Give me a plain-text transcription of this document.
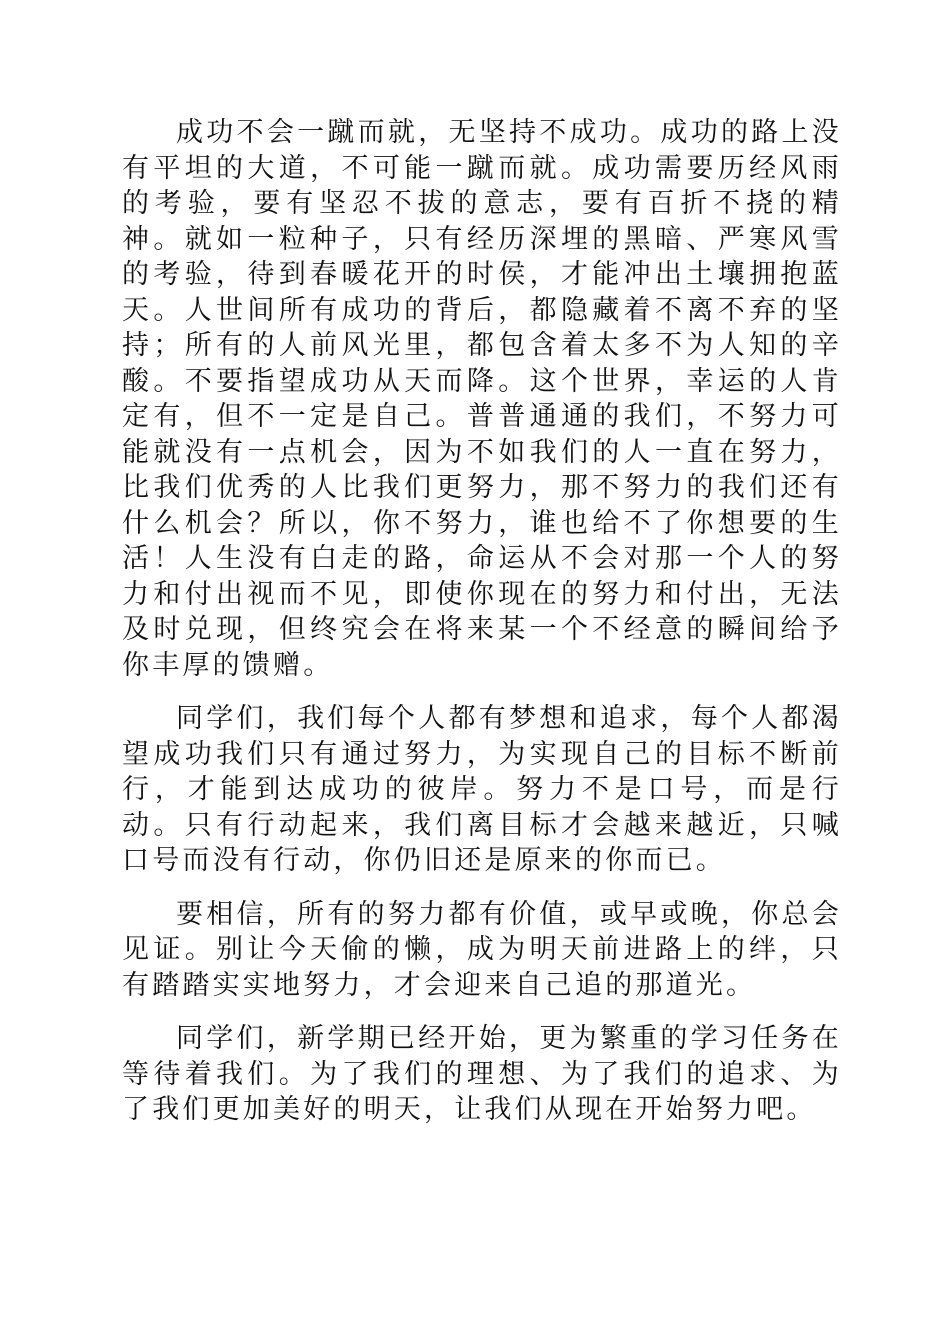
成功不会一蹴而就，无坚持不成功。成功的路上没有平坦的大道，不可能一蹴而就。成功需要历经风雨的考验，要有坚忍不拔的意志，要有百折不挠的精神。就如一粒种子，只有经历深埋的黑暗、严寒风雪的考验，待到春暖花开的时侯，才能冲出土壤拥抱蓝天。人世间所有成功的背后，都隐藏着不离不弃的坚持；所有的人前风光里，都包含着太多不为人知的辛酸。不要指望成功从天而降。这个世界，幸运的人肯定有，但不一定是自己。普普通通的我们，不努力可能就没有一点机会，因为不如我们的人一直在努力，比我们优秀的人比我们更努力，那不努力的我们还有什么机会？所以，你不努力，谁也给不了你想要的生活！人生没有白走的路，命运从不会对那一个人的努力和付出视而不见，即使你现在的努力和付出，无法及时兑现，但终究会在将来某一个不经意的瞬间给予你丰厚的馈赠。

同学们，我们每个人都有梦想和追求，每个人都渴望成功我们只有通过努力，为实现自己的目标不断前行，才能到达成功的彼岸。努力不是口号，而是行动。只有行动起来，我们离目标才会越来越近，只喊口号而没有行动，你仍旧还是原来的你而已。

要相信，所有的努力都有价值，或早或晚，你总会见证。别让今天偷的懒，成为明天前进路上的绊，只有踏踏实实地努力，才会迎来自己追的那道光。

同学们，新学期已经开始，更为繁重的学习任务在等待着我们。为了我们的理想、为了我们的追求、为了我们更加美好的明天，让我们从现在开始努力吧。
